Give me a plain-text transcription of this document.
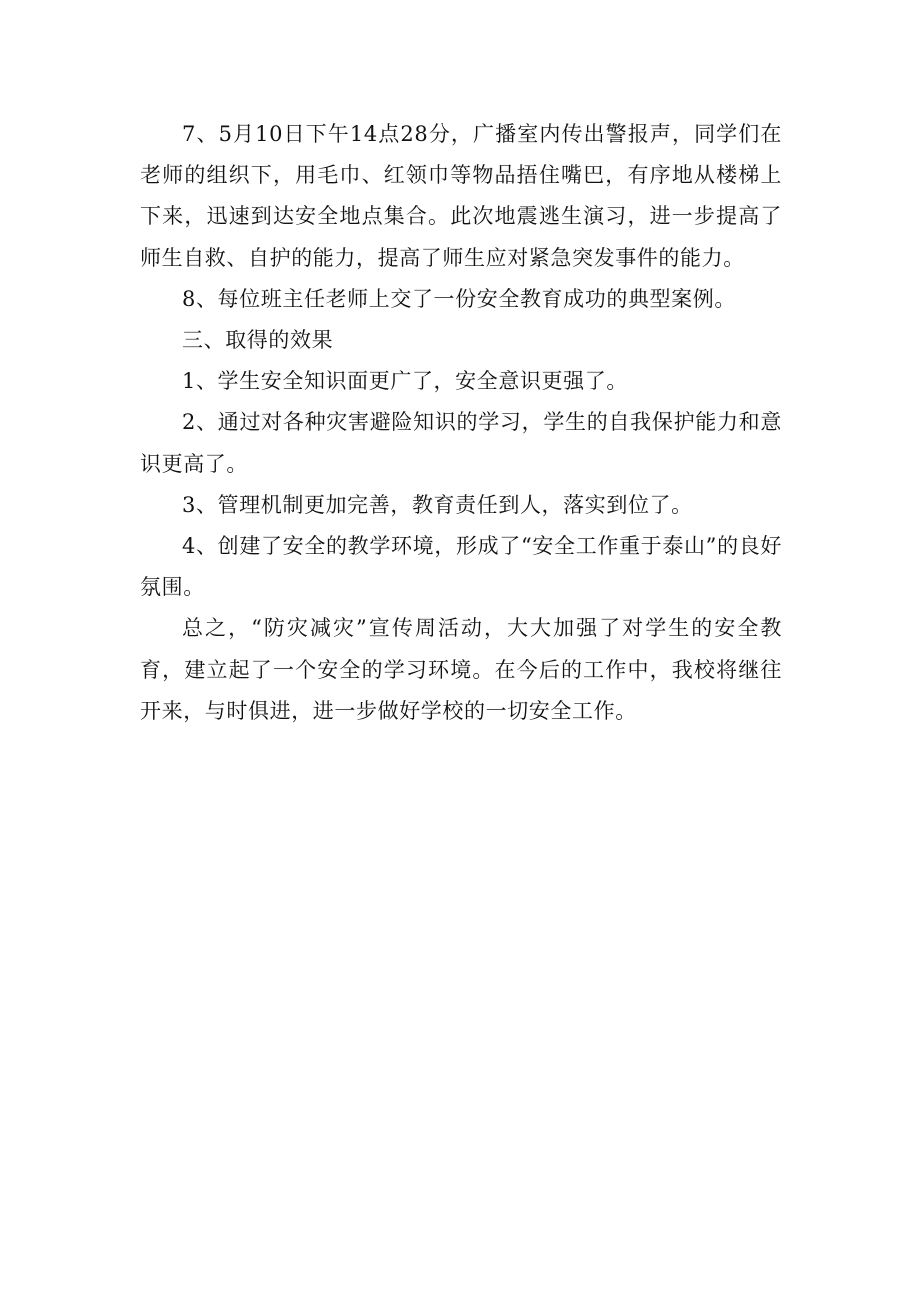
7、5月10日下午14点28分，广播室内传出警报声，同学们在老师的组织下，用毛巾、红领巾等物品捂住嘴巴，有序地从楼梯上下来，迅速到达安全地点集合。此次地震逃生演习，进一步提高了师生自救、自护的能力，提高了师生应对紧急突发事件的能力。

8、每位班主任老师上交了一份安全教育成功的典型案例。

三、取得的效果

1、学生安全知识面更广了，安全意识更强了。

2、通过对各种灾害避险知识的学习，学生的自我保护能力和意识更高了。

3、管理机制更加完善，教育责任到人，落实到位了。

4、创建了安全的教学环境，形成了“安全工作重于泰山”的良好氛围。

总之，“防灾减灾”宣传周活动，大大加强了对学生的安全教育，建立起了一个安全的学习环境。在今后的工作中，我校将继往开来，与时俱进，进一步做好学校的一切安全工作。
